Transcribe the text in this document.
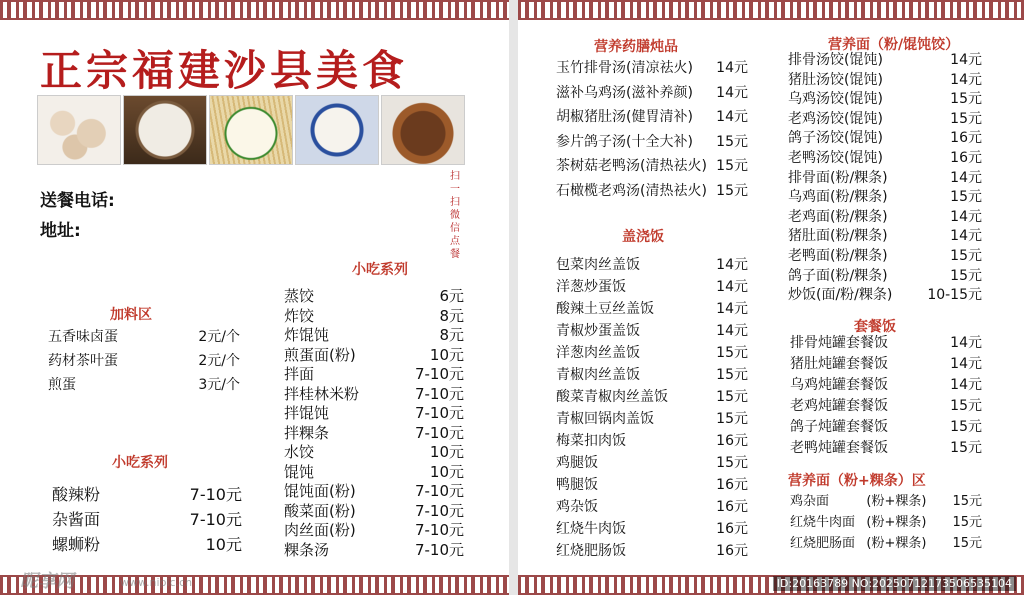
正宗福建沙县美食
送餐电话:
地址:
扫一扫微信点餐
小吃系列
加料区
五香味卤蛋	2元/个
药材茶叶蛋	2元/个
煎蛋	3元/个
小吃系列
酸辣粉	7-10元
杂酱面	7-10元
螺蛳粉	10元
蒸饺	6元
炸饺	8元
炸馄饨	8元
煎蛋面(粉)	10元
拌面	7-10元
拌桂林米粉	7-10元
拌馄饨	7-10元
拌粿条	7-10元
水饺	10元
馄饨	10元
馄饨面(粉)	7-10元
酸菜面(粉)	7-10元
肉丝面(粉)	7-10元
粿条汤	7-10元
昵享网	www.nipic.cn
营养药膳炖品
玉竹排骨汤(清凉祛火) 14元
滋补乌鸡汤(滋补养颜) 14元
胡椒猪肚汤(健胃清补) 14元
参片鸽子汤(十全大补) 15元
茶树菇老鸭汤(清热祛火) 15元
石橄榄老鸡汤(清热祛火) 15元
盖浇饭
包菜肉丝盖饭	14元
洋葱炒蛋饭	14元
酸辣土豆丝盖饭	14元
青椒炒蛋盖饭	14元
洋葱肉丝盖饭	15元
青椒肉丝盖饭	15元
酸菜青椒肉丝盖饭	15元
青椒回锅肉盖饭	15元
梅菜扣肉饭	16元
鸡腿饭	15元
鸭腿饭	16元
鸡杂饭	16元
红烧牛肉饭	16元
红烧肥肠饭	16元
营养面（粉/馄饨饺）
排骨汤饺(馄饨)	14元
猪肚汤饺(馄饨)	14元
乌鸡汤饺(馄饨)	15元
老鸡汤饺(馄饨)	15元
鸽子汤饺(馄饨)	16元
老鸭汤饺(馄饨)	16元
排骨面(粉/粿条)	14元
乌鸡面(粉/粿条)	15元
老鸡面(粉/粿条)	14元
猪肚面(粉/粿条)	14元
老鸭面(粉/粿条)	15元
鸽子面(粉/粿条)	15元
炒饭(面/粉/粿条) 10-15元
套餐饭
排骨炖罐套餐饭	14元
猪肚炖罐套餐饭	14元
乌鸡炖罐套餐饭	14元
老鸡炖罐套餐饭	15元
鸽子炖罐套餐饭	15元
老鸭炖罐套餐饭	15元
营养面（粉+粿条）区
鸡杂面	(粉+粿条) 15元
红烧牛肉面 (粉+粿条) 15元
红烧肥肠面 (粉+粿条) 15元
ID:20163789 NO:20250712173506535104
